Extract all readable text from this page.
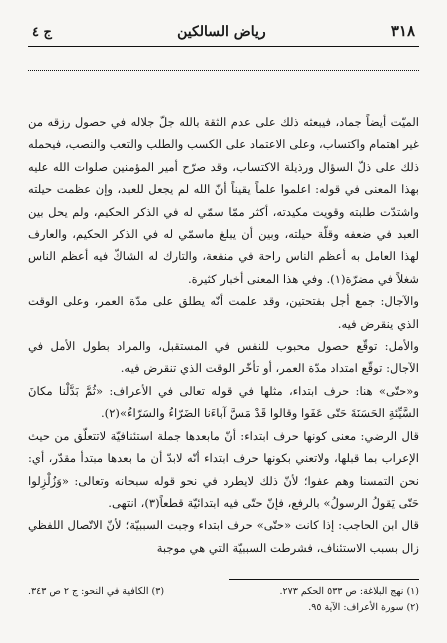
٣١٨
رياض السالكين
ج ٤

الميّت أيضاً جماد، فيبعثه ذلك على عدم الثقة بالله جلّ جلاله في حصول رزقه من غير اهتمام واكتساب، وعلى الاعتماد على الكسب والطلب والتعب والنصب، فيحمله ذلك على ذلّ السؤال ورذيلة الاكتساب، وقد صرّح أمير المؤمنين صلوات الله عليه بهذا المعنى في قوله: اعلموا علماً يقيناً أنّ الله لم يجعل للعبد، وإن عظمت حيلته واشتدّت طلبته وقويت مكيدته، أكثر ممّا سمّي له في الذكر الحكيم، ولم يحل بين العبد في ضعفه وقلّة حيلته، وبين أن يبلغ ماسمّي له في الذكر الحكيم، والعارف لهذا العامل به أعظم الناس راحة في منفعة، والتارك له الشاكّ فيه أعظم الناس شغلاً في مضرّة(١). وفي هذا المعنى أخبار كثيرة.

والآجال: جمع أجل بفتحتين، وقد علمت أنّه يطلق على مدّة العمر، وعلى الوقت الذي ينقرض فيه.

والأمل: توقّع حصول محبوب للنفس في المستقبل، والمراد بطول الأمل في الآجال: توقّع امتداد مدّة العمر، أو تأخّر الوقت الذي تنقرض فيه.

و«حتّى» هنا: حرف ابتداء، مثلها في قوله تعالى في الأعراف: «ثُمَّ بَدَّلْنا مكانَ السَّيِّئةِ الحَسَنَةَ حَتّى عَفَوا وقالوا قَدْ مَسَّ آباءَنا الضَرّاءُ والسَرّاءُ»(٢).

قال الرضي: معنى كونها حرف ابتداء: أنّ مابعدها جملة استئنافيّة لاتتعلّق من حيث الإعراب بما قبلها، ولاتعني بكونها حرف ابتداء أنّه لابدّ أن ما بعدها مبتدأ مقدّر، أي: نحن التمسنا وهم عفوا؛ لأنّ ذلك لايطرد في نحو قوله سبحانه وتعالى: «وَزُلْزِلوا حَتّى يَقولُ الرسولُ» بالرفع، فإنّ حتّى فيه ابتدائيّة قطعاً(٣)، انتهى.

قال ابن الحاجب: إذا كانت «حتّى» حرف ابتداء وجبت السببيّة؛ لأنّ الاتّصال اللفظي زال بسبب الاستئناف، فشرطت السببيّة التي هي موجبة

(١) نهج البلاغة: ص ٥٣٣ الحكم ٢٧٣.
(٣) الكافية في النحو: ج ٢ ص ٣٤٣.
(٢) سورة الأعراف: الآية ٩٥.
